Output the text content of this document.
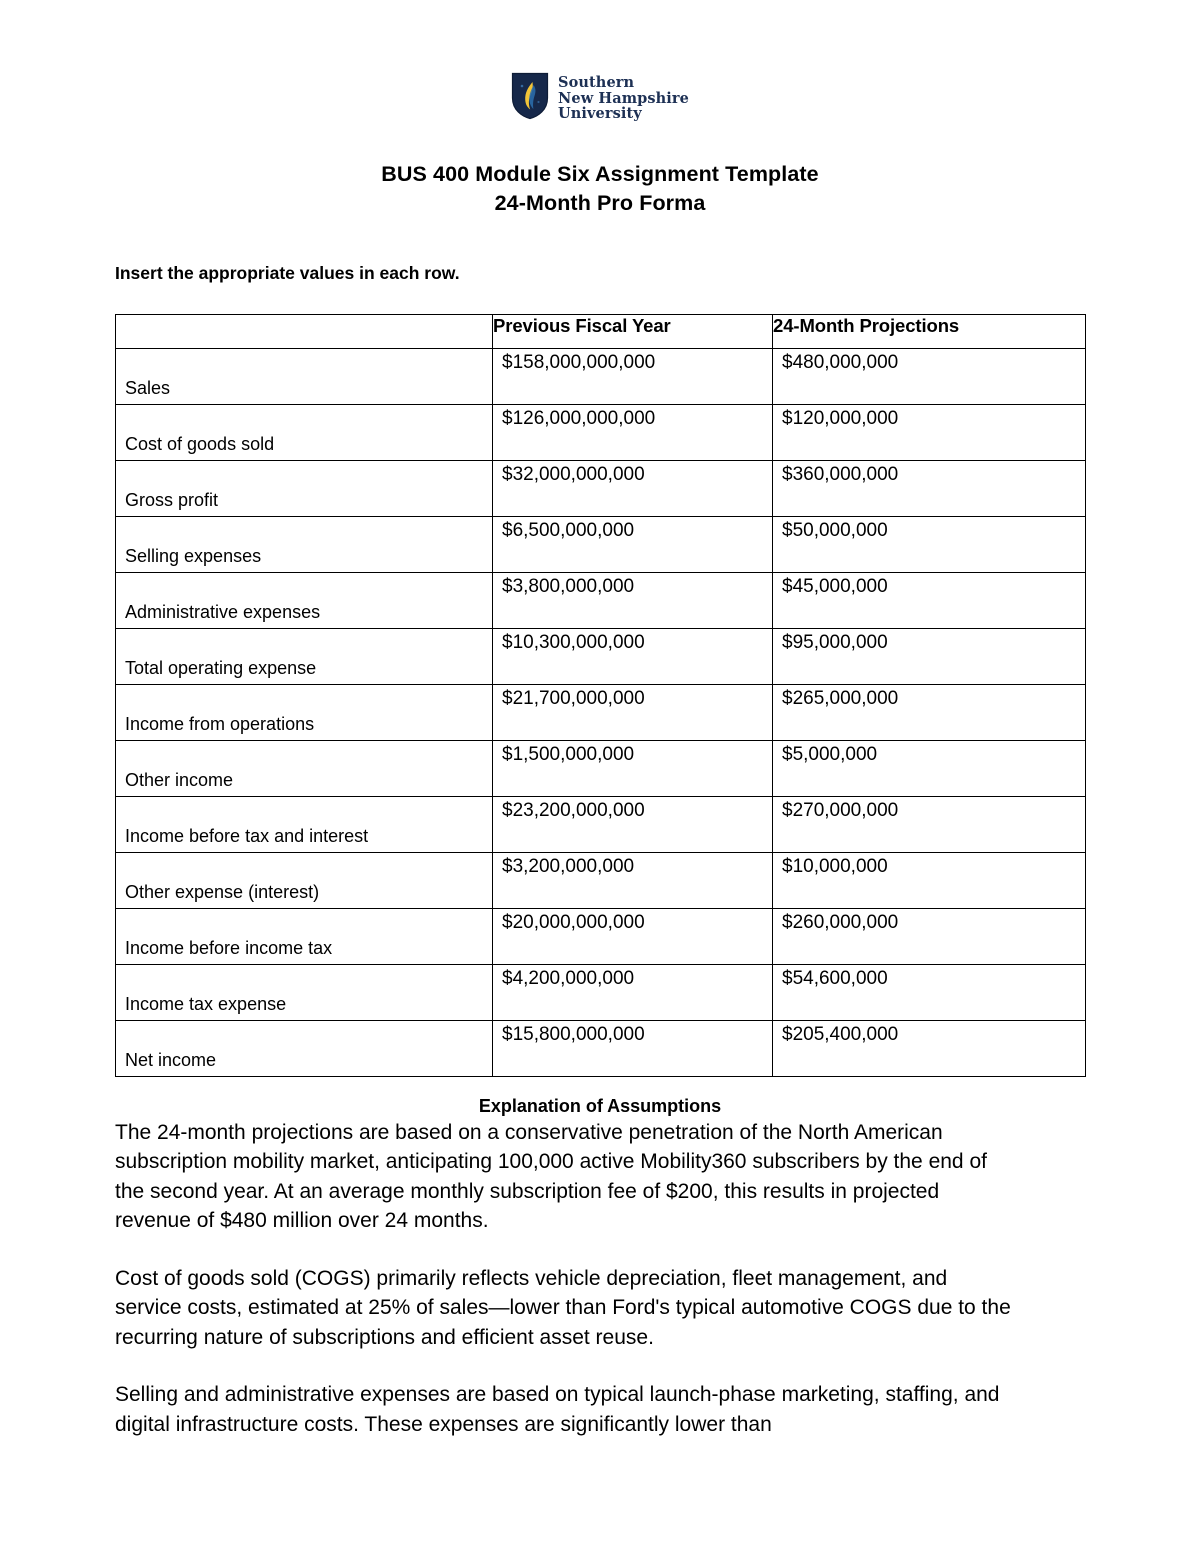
Southern
New Hampshire
University
BUS 400 Module Six Assignment Template
24-Month Pro Forma
Insert the appropriate values in each row.
	Previous Fiscal Year	24-Month Projections

Sales	$158,000,000,000	$480,000,000

Cost of goods sold	$126,000,000,000	$120,000,000

Gross profit	$32,000,000,000	$360,000,000

Selling expenses	$6,500,000,000	$50,000,000

Administrative expenses	$3,800,000,000	$45,000,000

Total operating expense	$10,300,000,000	$95,000,000

Income from operations	$21,700,000,000	$265,000,000

Other income	$1,500,000,000	$5,000,000

Income before tax and interest	$23,200,000,000	$270,000,000

Other expense (interest)	$3,200,000,000	$10,000,000

Income before income tax	$20,000,000,000	$260,000,000

Income tax expense	$4,200,000,000	$54,600,000

Net income	$15,800,000,000	$205,400,000
Explanation of Assumptions

The 24-month projections are based on a conservative penetration of the North American subscription mobility market, anticipating 100,000 active Mobility360 subscribers by the end of the second year. At an average monthly subscription fee of $200, this results in projected revenue of $480 million over 24 months.

Cost of goods sold (COGS) primarily reflects vehicle depreciation, fleet management, and service costs, estimated at 25% of sales—lower than Ford's typical automotive COGS due to the recurring nature of subscriptions and efficient asset reuse.

Selling and administrative expenses are based on typical launch-phase marketing, staffing, and digital infrastructure costs. These expenses are significantly lower than
